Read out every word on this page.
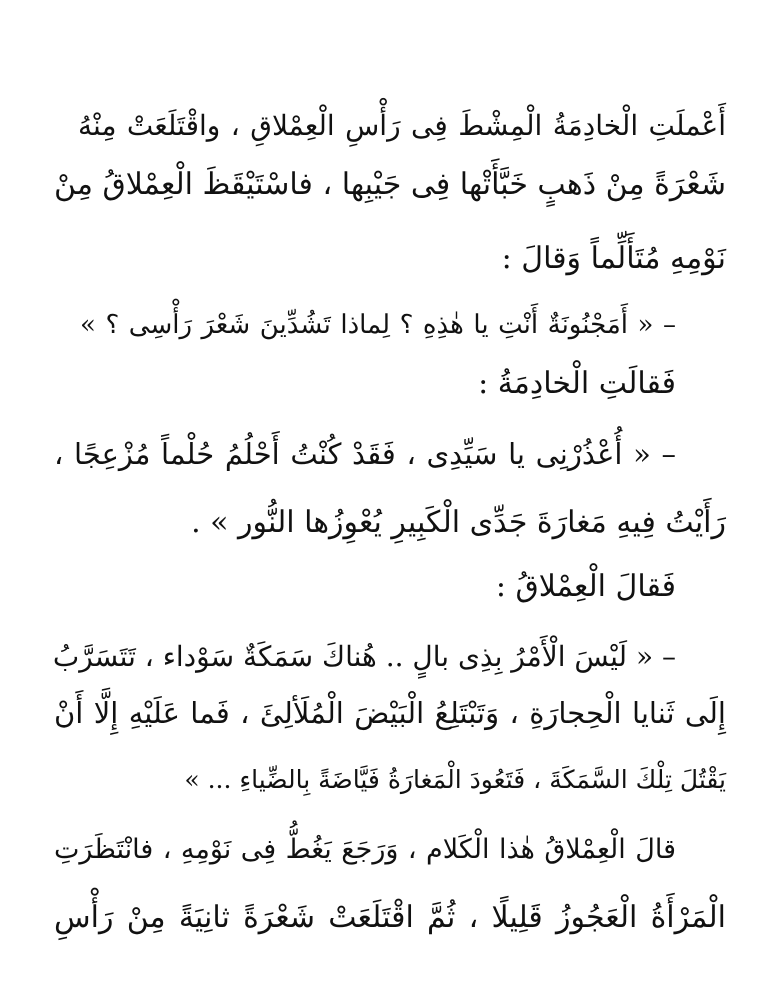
أَعْملَتِ الْخادِمَةُ الْمِشْطَ فِى رَأْسِ الْعِمْلاقِ ، واقْتَلَعَتْ مِنْهُ
شَعْرَةً مِنْ ذَهبٍ خَبَّأَتْها فِى جَيْبِها ، فاسْتَيْقَظَ الْعِمْلاقُ مِنْ
نَوْمِهِ مُتَأَلِّماً وَقالَ :
– « أَمَجْنُونَةٌ أَنْتِ يا هٰذِهِ ؟ لِماذا تَشُدِّينَ شَعْرَ رَأْسِى ؟ »
فَقالَتِ الْخادِمَةُ :
– « أُعْذُرْنِى يا سَيِّدِى ، فَقَدْ كُنْتُ أَحْلُمُ حُلْماً مُزْعِجًا ،
رَأَيْتُ فِيهِ مَغارَةَ جَدِّى الْكَبِيرِ يُعْوِزُها النُّور » .
فَقالَ الْعِمْلاقُ :
– « لَيْسَ الْأَمْرُ بِذِى بالٍ .. هُناكَ سَمَكَةٌ سَوْداء ، تَتَسَرَّبُ
إِلَى ثَنايا الْحِجارَةِ ، وَتَبْتَلِعُ الْبَيْضَ الْمُلَألِئَ ، فَما عَلَيْهِ إِلَّا أَنْ
يَقْتُلَ تِلْكَ السَّمَكَةَ ، فَتَعُودَ الْمَغارَةُ فَيَّاضَةً بِالضِّياءِ ... »
قالَ الْعِمْلاقُ هٰذا الْكَلام ، وَرَجَعَ يَغُطُّ فِى نَوْمِهِ ، فانْتَظَرَتِ
الْمَرْأَةُ الْعَجُوزُ قَلِيلًا ، ثُمَّ اقْتَلَعَتْ شَعْرَةً ثانِيَةً مِنْ رَأْسِ
